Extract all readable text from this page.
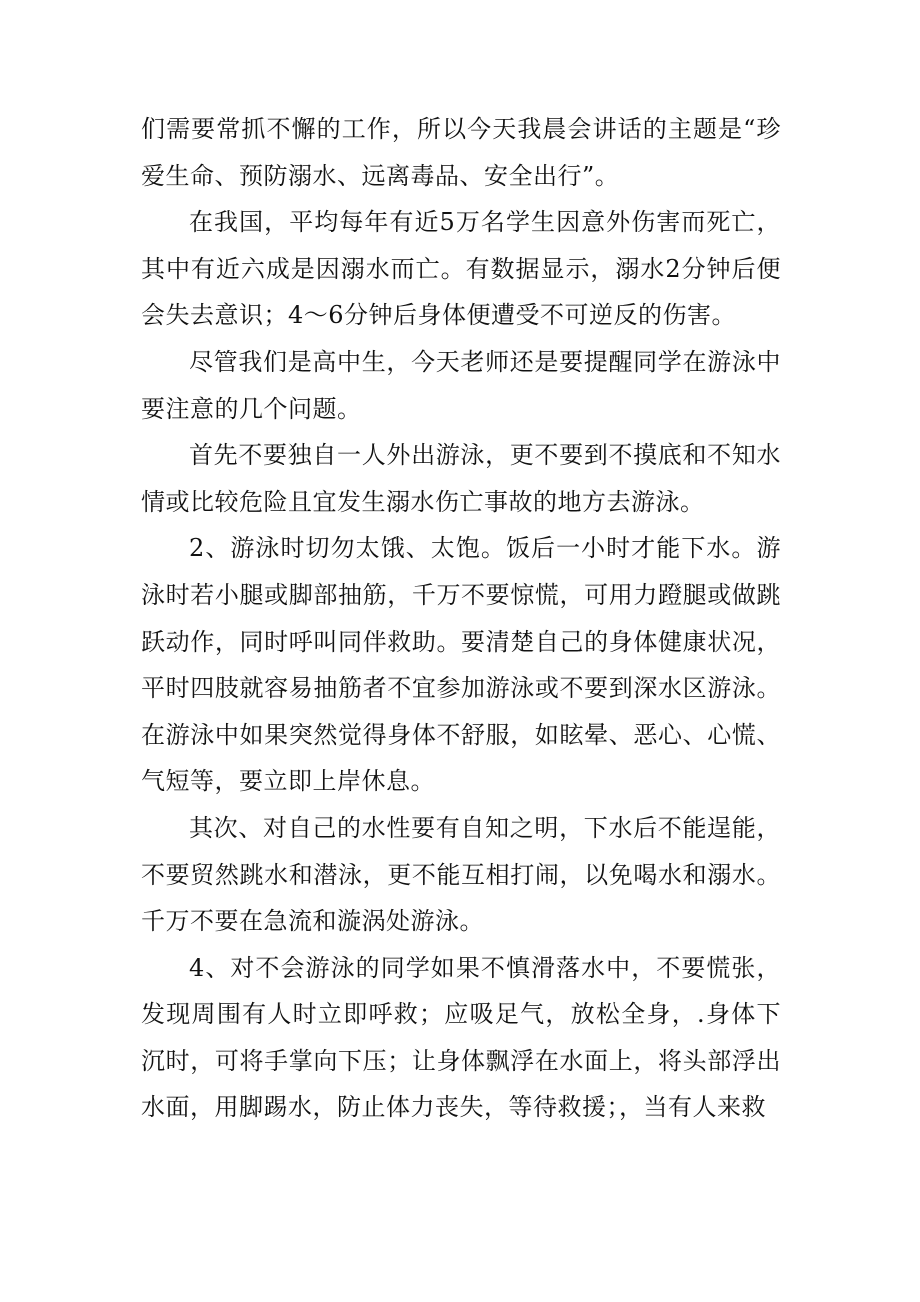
们需要常抓不懈的工作，所以今天我晨会讲话的主题是“珍爱生命、预防溺水、远离毒品、安全出行”。

在我国，平均每年有近5万名学生因意外伤害而死亡，其中有近六成是因溺水而亡。有数据显示，溺水2分钟后便会失去意识；4～6分钟后身体便遭受不可逆反的伤害。

尽管我们是高中生，今天老师还是要提醒同学在游泳中要注意的几个问题。

首先不要独自一人外出游泳，更不要到不摸底和不知水情或比较危险且宜发生溺水伤亡事故的地方去游泳。

2、游泳时切勿太饿、太饱。饭后一小时才能下水。游泳时若小腿或脚部抽筋，千万不要惊慌，可用力蹬腿或做跳跃动作，同时呼叫同伴救助。要清楚自己的身体健康状况，平时四肢就容易抽筋者不宜参加游泳或不要到深水区游泳。在游泳中如果突然觉得身体不舒服，如眩晕、恶心、心慌、气短等，要立即上岸休息。

其次、对自己的水性要有自知之明，下水后不能逞能，不要贸然跳水和潜泳，更不能互相打闹，以免喝水和溺水。千万不要在急流和漩涡处游泳。

4、对不会游泳的同学如果不慎滑落水中，不要慌张，发现周围有人时立即呼救；应吸足气，放松全身，.身体下沉时，可将手掌向下压；让身体飘浮在水面上，将头部浮出水面，用脚踢水，防止体力丧失，等待救援；，当有人来救
